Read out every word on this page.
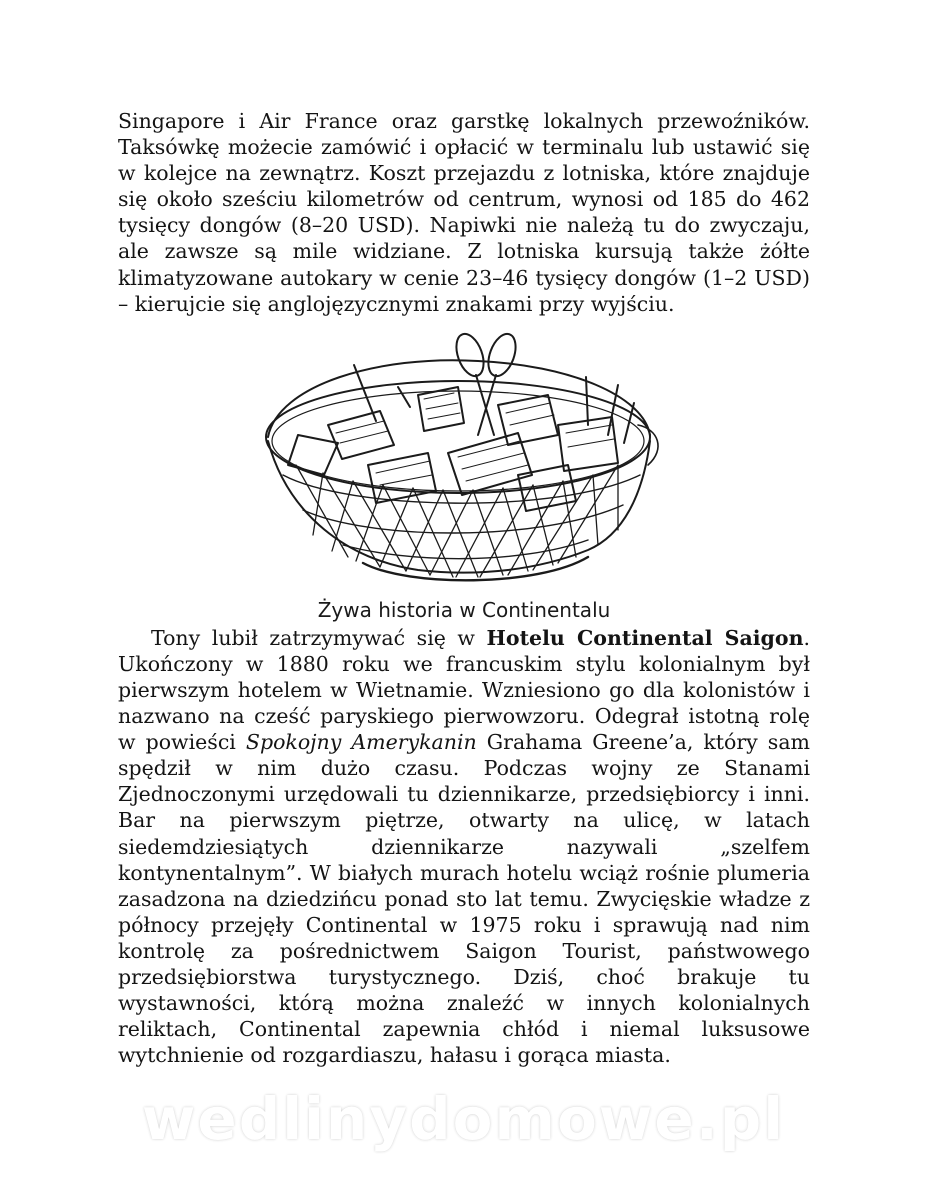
Singapore i Air France oraz garstkę lokalnych przewoźników. Taksówkę możecie zamówić i opłacić w terminalu lub ustawić się w kolejce na zewnątrz. Koszt przejazdu z lotniska, które znajduje się około sześciu kilometrów od centrum, wynosi od 185 do 462 tysięcy dongów (8–20 USD). Napiwki nie należą tu do zwyczaju, ale zawsze są mile widziane. Z lotniska kursują także żółte klimatyzowane autokary w cenie 23–46 tysięcy dongów (1–2 USD) – kierujcie się anglojęzycznymi znakami przy wyjściu.

Żywa historia w Continentalu

Tony lubił zatrzymywać się w Hotelu Continental Saigon. Ukończony w 1880 roku we francuskim stylu kolonialnym był pierwszym hotelem w Wietnamie. Wzniesiono go dla kolonistów i nazwano na cześć paryskiego pierwowzoru. Odegrał istotną rolę w powieści Spokojny Amerykanin Grahama Greene’a, który sam spędził w nim dużo czasu. Podczas wojny ze Stanami Zjednoczonymi urzędowali tu dziennikarze, przedsiębiorcy i inni. Bar na pierwszym piętrze, otwarty na ulicę, w latach siedemdziesiątych dziennikarze nazywali „szelfem kontynentalnym”. W białych murach hotelu wciąż rośnie plumeria zasadzona na dziedzińcu ponad sto lat temu. Zwycięskie władze z północy przejęły Continental w 1975 roku i sprawują nad nim kontrolę za pośrednictwem Saigon Tourist, państwowego przedsiębiorstwa turystycznego. Dziś, choć brakuje tu wystawności, którą można znaleźć w innych kolonialnych reliktach, Continental zapewnia chłód i niemal luksusowe wytchnienie od rozgardiaszu, hałasu i gorąca miasta.

wedlinydomowe.pl
